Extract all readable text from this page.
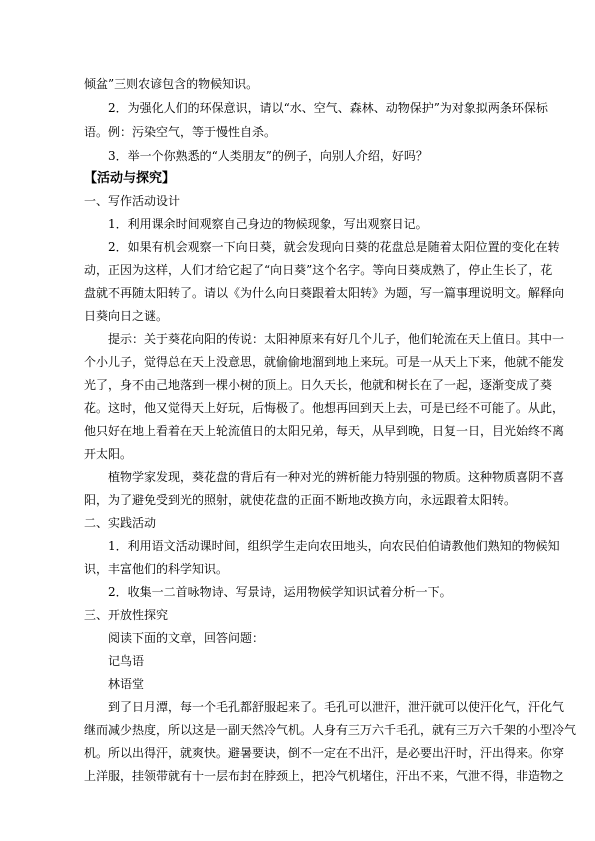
倾盆”三则农谚包含的物候知识。
2．为强化人们的环保意识，请以“水、空气、森林、动物保护”为对象拟两条环保标
语。例：污染空气，等于慢性自杀。
3．举一个你熟悉的“人类朋友”的例子，向别人介绍，好吗？
【活动与探究】
一、写作活动设计
1．利用课余时间观察自己身边的物候现象，写出观察日记。
2．如果有机会观察一下向日葵，就会发现向日葵的花盘总是随着太阳位置的变化在转
动，正因为这样，人们才给它起了“向日葵”这个名字。等向日葵成熟了，停止生长了，花
盘就不再随太阳转了。请以《为什么向日葵跟着太阳转》为题，写一篇事理说明文。解释向
日葵向日之谜。
提示：关于葵花向阳的传说：太阳神原来有好几个儿子，他们轮流在天上值日。其中一
个小儿子，觉得总在天上没意思，就偷偷地溜到地上来玩。可是一从天上下来，他就不能发
光了，身不由己地落到一棵小树的顶上。日久天长，他就和树长在了一起，逐渐变成了葵
花。这时，他又觉得天上好玩，后悔极了。他想再回到天上去，可是已经不可能了。从此，
他只好在地上看着在天上轮流值日的太阳兄弟，每天，从早到晚，日复一日，目光始终不离
开太阳。
植物学家发现，葵花盘的背后有一种对光的辨析能力特别强的物质。这种物质喜阴不喜
阳，为了避免受到光的照射，就使花盘的正面不断地改换方向，永远跟着太阳转。
二、实践活动
1．利用语文活动课时间，组织学生走向农田地头，向农民伯伯请教他们熟知的物候知
识，丰富他们的科学知识。
2．收集一二首咏物诗、写景诗，运用物候学知识试着分析一下。
三、开放性探究
阅读下面的文章，回答问题：
记鸟语
林语堂
到了日月潭，每一个毛孔都舒服起来了。毛孔可以泄汗，泄汗就可以使汗化气，汗化气
继而减少热度，所以这是一副天然冷气机。人身有三万六千毛孔，就有三万六千架的小型冷气
机。所以出得汗，就爽快。避暑要诀，倒不一定在不出汗，是必要出汗时，汗出得来。你穿
上洋服，挂领带就有十一层布封在脖颈上，把冷气机堵住，汗出不来，气泄不得，非造物之
